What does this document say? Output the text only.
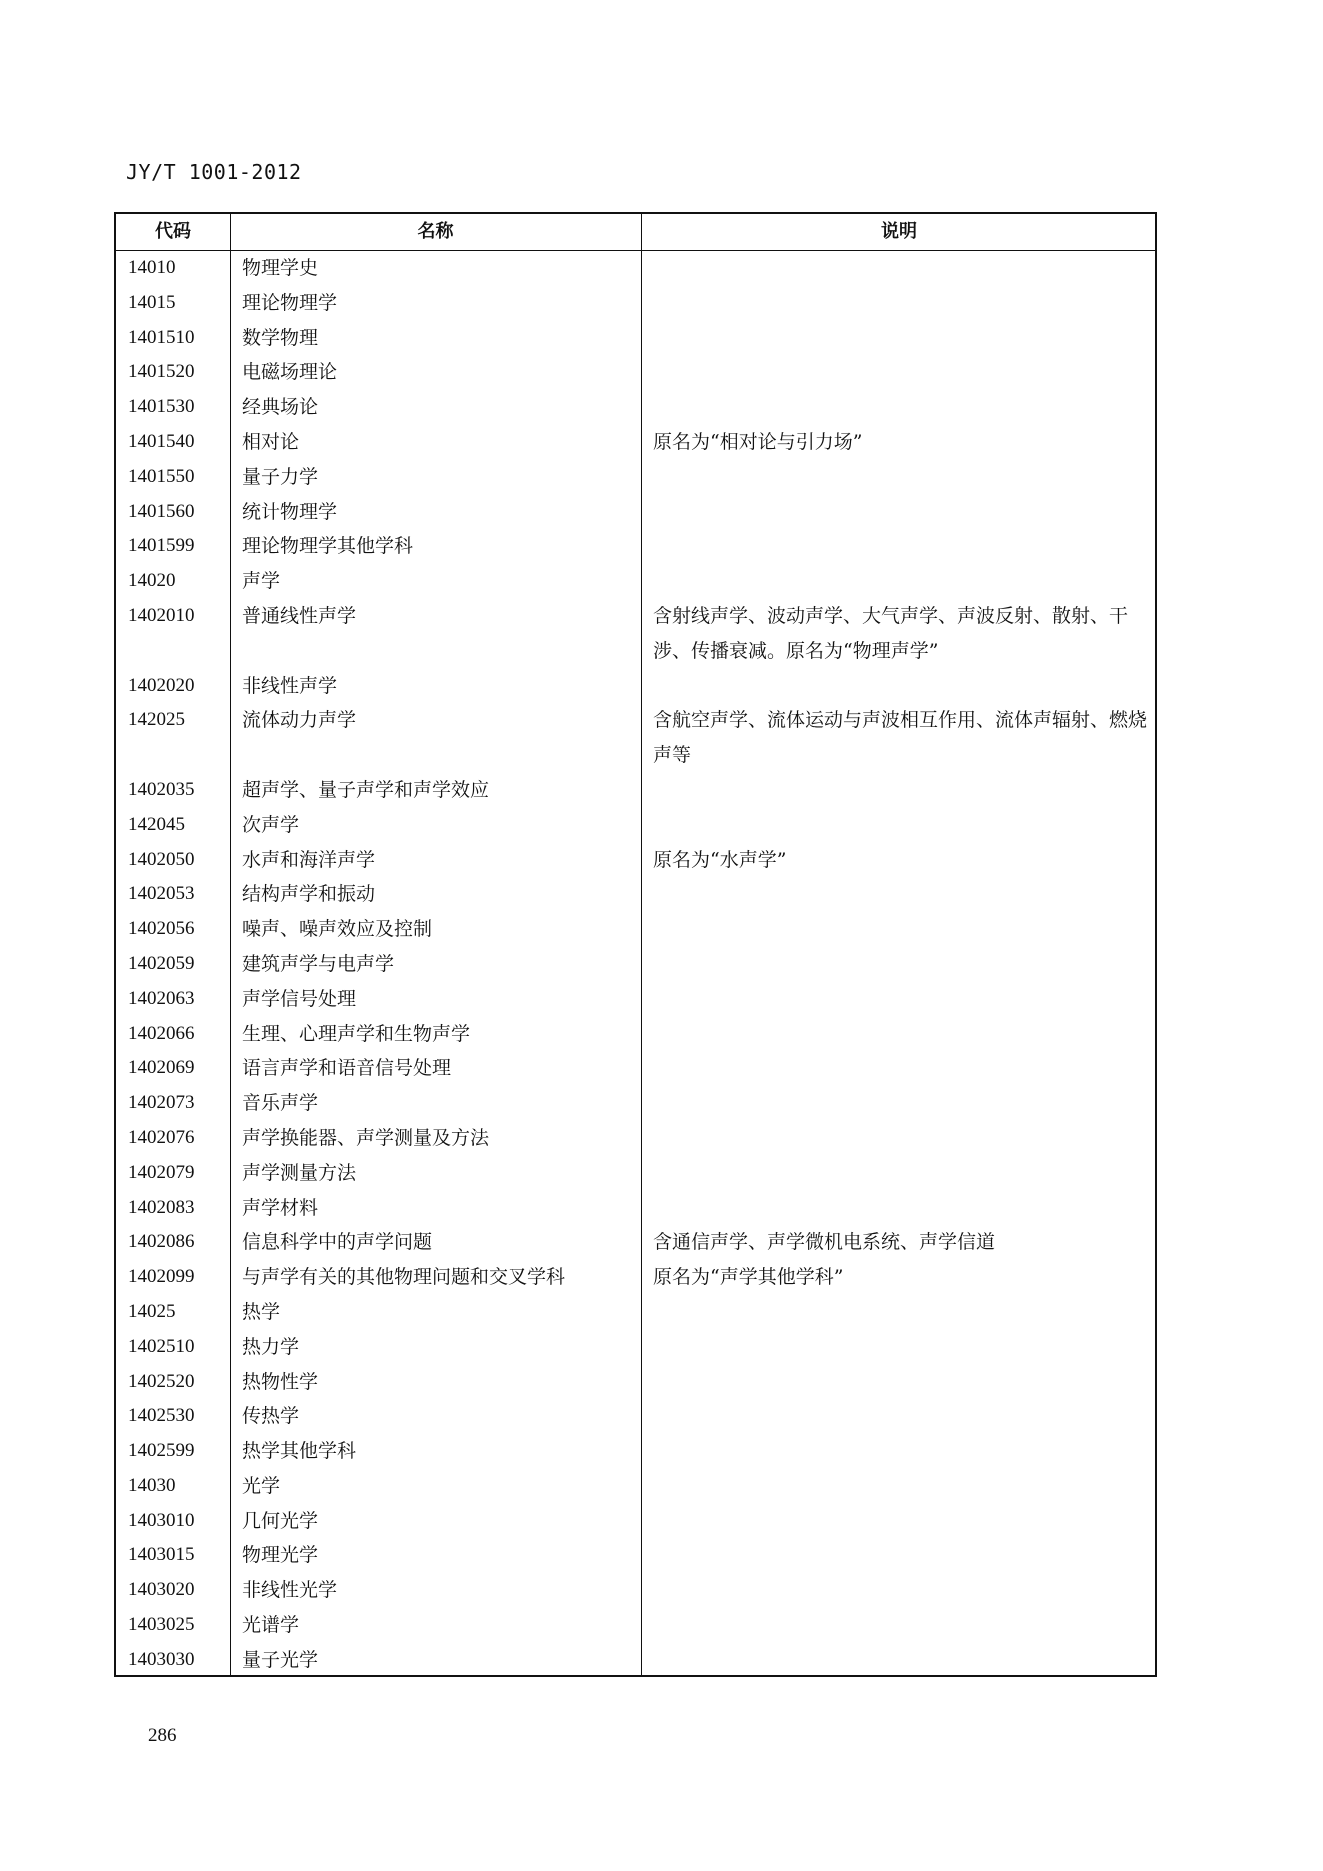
JY/T 1001-2012
代码	名称	说明
14010	物理学史
14015	理论物理学
1401510	数学物理
1401520	电磁场理论
1401530	经典场论
1401540	相对论	原名为“相对论与引力场”
1401550	量子力学
1401560	统计物理学
1401599	理论物理学其他学科
14020	声学
1402010	普通线性声学	含射线声学、波动声学、大气声学、声波反射、散射、干涉、传播衰减。原名为“物理声学”
1402020	非线性声学
142025	流体动力声学	含航空声学、流体运动与声波相互作用、流体声辐射、燃烧声等
1402035	超声学、量子声学和声学效应
142045	次声学
1402050	水声和海洋声学	原名为“水声学”
1402053	结构声学和振动
1402056	噪声、噪声效应及控制
1402059	建筑声学与电声学
1402063	声学信号处理
1402066	生理、心理声学和生物声学
1402069	语言声学和语音信号处理
1402073	音乐声学
1402076	声学换能器、声学测量及方法
1402079	声学测量方法
1402083	声学材料
1402086	信息科学中的声学问题	含通信声学、声学微机电系统、声学信道
1402099	与声学有关的其他物理问题和交叉学科	原名为“声学其他学科”
14025	热学
1402510	热力学
1402520	热物性学
1402530	传热学
1402599	热学其他学科
14030	光学
1403010	几何光学
1403015	物理光学
1403020	非线性光学
1403025	光谱学
1403030	量子光学
286
